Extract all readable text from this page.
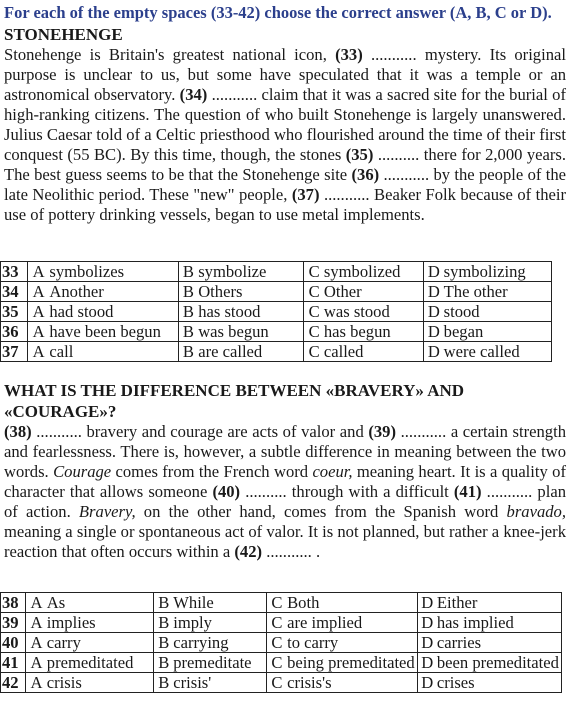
For each of the empty spaces (33-42) choose the correct answer (A, B, C or D).
STONEHENGE
Stonehenge is Britain's greatest national icon, (33) ........... mystery. Its original purpose is unclear to us, but some have speculated that it was a temple or an astronomical observatory. (34) ........... claim that it was a sacred site for the burial of high-ranking citizens. The question of who built Stonehenge is largely unanswered. Julius Caesar told of a Celtic priesthood who flourished around the time of their first conquest (55 BC). By this time, though, the stones (35) .......... there for 2,000 years. The best guess seems to be that the Stonehenge site (36) ........... by the people of the late Neolithic period. These "new" people, (37) ........... Beaker Folk because of their use of pottery drinking vessels, began to use metal implements.
33	A	symbolizes	B	symbolize	C	symbolized	D	symbolizing
34	A	Another	B	Others	C	Other	D	The other
35	A	had stood	B	has stood	C	was stood	D	stood
36	A	have been begun	B	was begun	C	has begun	D	began
37	A	call	B	are called	C	called	D	were called
WHAT IS THE DIFFERENCE BETWEEN «BRAVERY» AND «COURAGE»?
(38) ........... bravery and courage are acts of valor and (39) ........... a certain strength and fearlessness. There is, however, a subtle difference in meaning between the two words. Courage comes from the French word coeur, meaning heart. It is a quality of character that allows someone (40) .......... through with a difficult (41) ........... plan of action. Bravery, on the other hand, comes from the Spanish word bravado, meaning a single or spontaneous act of valor. It is not planned, but rather a knee-jerk reaction that often occurs within a (42) ........... .
38	A	As	B	While	C	Both	D	Either
39	A	implies	B	imply	C	are implied	D	has implied
40	A	carry	B	carrying	C	to carry	D	carries
41	A	premeditated	B	premeditate	C	being premeditated	D	been premeditated
42	A	crisis	B	crisis'	C	crisis's	D	crises
